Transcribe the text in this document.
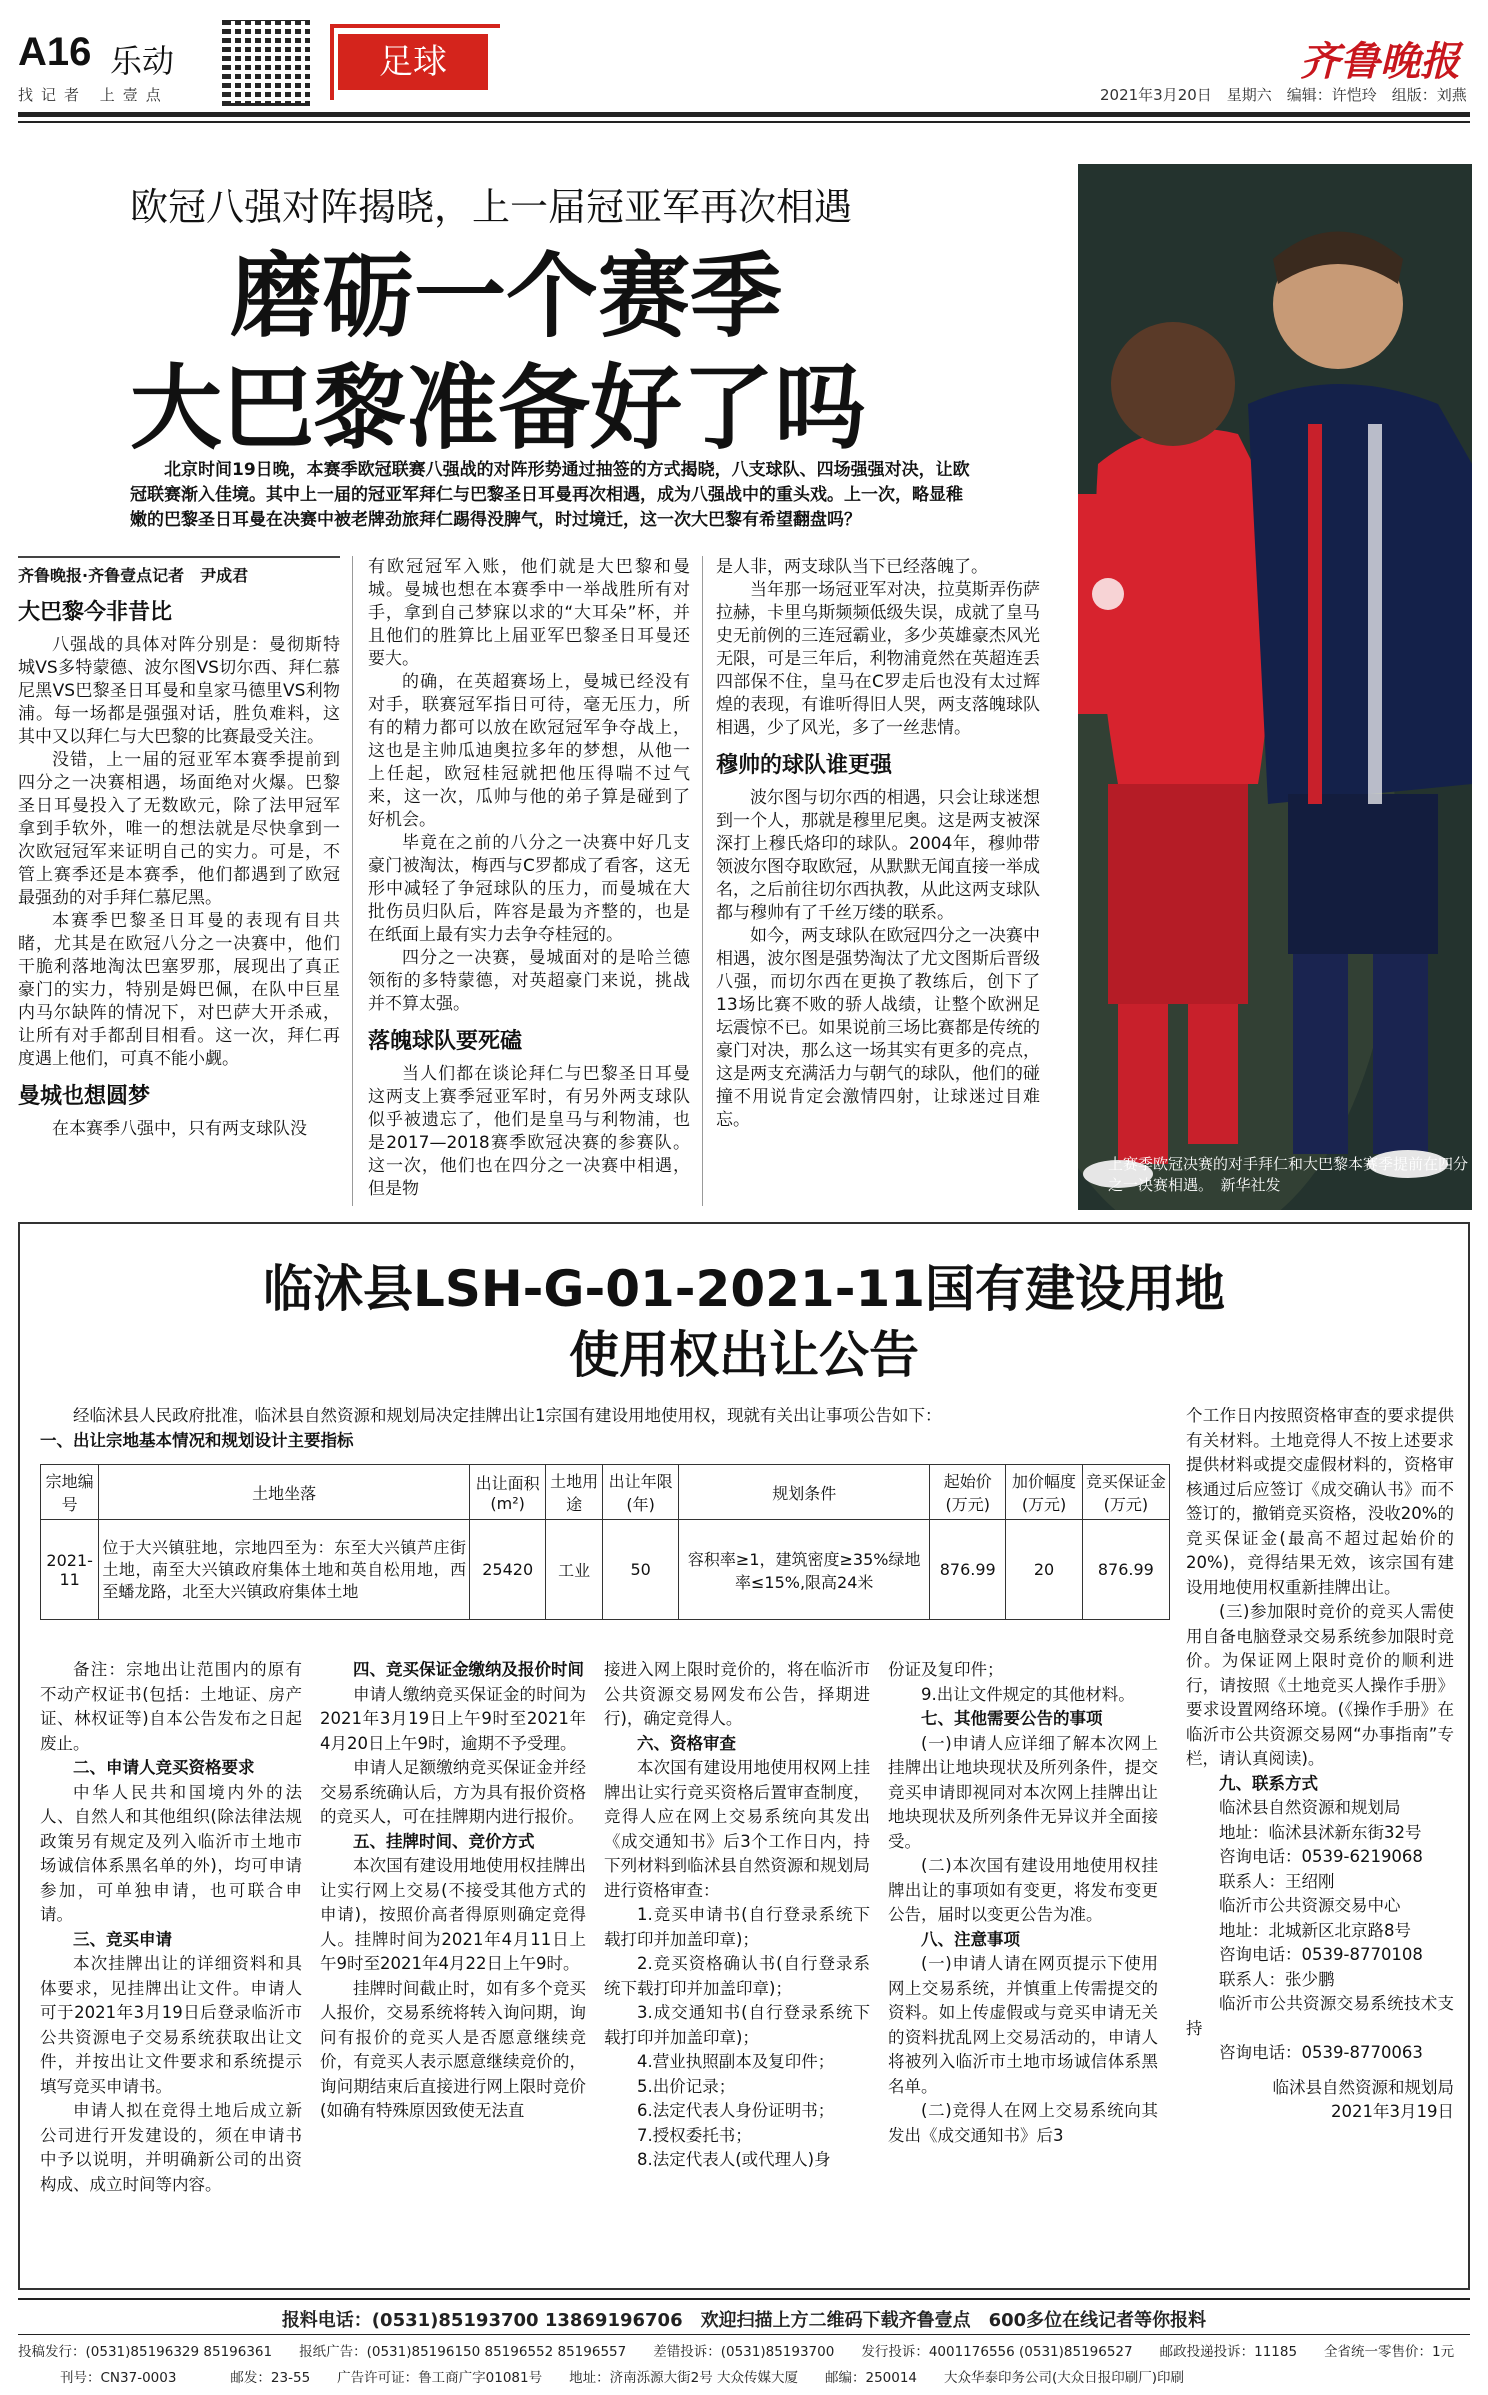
A16 乐动
找记者 上壹点
足球	齐鲁晚报
2021年3月20日　星期六　编辑：许恺玲　组版：刘燕
欧冠八强对阵揭晓，上一届冠亚军再次相遇
磨砺一个赛季
大巴黎准备好了吗
上赛季欧冠决赛的对手拜仁和大巴黎本赛季提前在四分之一决赛相遇。　新华社发
北京时间19日晚，本赛季欧冠联赛八强战的对阵形势通过抽签的方式揭晓，八支球队、四场强强对决，让欧冠联赛渐入佳境。其中上一届的冠亚军拜仁与巴黎圣日耳曼再次相遇，成为八强战中的重头戏。上一次，略显稚嫩的巴黎圣日耳曼在决赛中被老牌劲旅拜仁踢得没脾气，时过境迁，这一次大巴黎有希望翻盘吗？
齐鲁晚报·齐鲁壹点记者　尹成君
大巴黎今非昔比

八强战的具体对阵分别是：曼彻斯特城VS多特蒙德、波尔图VS切尔西、拜仁慕尼黑VS巴黎圣日耳曼和皇家马德里VS利物浦。每一场都是强强对话，胜负难料，这其中又以拜仁与大巴黎的比赛最受关注。

没错，上一届的冠亚军本赛季提前到四分之一决赛相遇，场面绝对火爆。巴黎圣日耳曼投入了无数欧元，除了法甲冠军拿到手软外，唯一的想法就是尽快拿到一次欧冠冠军来证明自己的实力。可是，不管上赛季还是本赛季，他们都遇到了欧冠最强劲的对手拜仁慕尼黑。

本赛季巴黎圣日耳曼的表现有目共睹，尤其是在欧冠八分之一决赛中，他们干脆利落地淘汰巴塞罗那，展现出了真正豪门的实力，特别是姆巴佩，在队中巨星内马尔缺阵的情况下，对巴萨大开杀戒，让所有对手都刮目相看。这一次，拜仁再度遇上他们，可真不能小觑。

曼城也想圆梦

在本赛季八强中，只有两支球队没

有欧冠冠军入账，他们就是大巴黎和曼城。曼城也想在本赛季中一举战胜所有对手，拿到自己梦寐以求的“大耳朵”杯，并且他们的胜算比上届亚军巴黎圣日耳曼还要大。

的确，在英超赛场上，曼城已经没有对手，联赛冠军指日可待，毫无压力，所有的精力都可以放在欧冠冠军争夺战上，这也是主帅瓜迪奥拉多年的梦想，从他一上任起，欧冠桂冠就把他压得喘不过气来，这一次，瓜帅与他的弟子算是碰到了好机会。

毕竟在之前的八分之一决赛中好几支豪门被淘汰，梅西与C罗都成了看客，这无形中减轻了争冠球队的压力，而曼城在大批伤员归队后，阵容是最为齐整的，也是在纸面上最有实力去争夺桂冠的。

四分之一决赛，曼城面对的是哈兰德领衔的多特蒙德，对英超豪门来说，挑战并不算太强。

落魄球队要死磕

当人们都在谈论拜仁与巴黎圣日耳曼这两支上赛季冠亚军时，有另外两支球队似乎被遗忘了，他们是皇马与利物浦，也是2017—2018赛季欧冠决赛的参赛队。这一次，他们也在四分之一决赛中相遇，但是物

是人非，两支球队当下已经落魄了。

当年那一场冠亚军对决，拉莫斯弄伤萨拉赫，卡里乌斯频频低级失误，成就了皇马史无前例的三连冠霸业，多少英雄豪杰风光无限，可是三年后，利物浦竟然在英超连丢四部保不住，皇马在C罗走后也没有太过辉煌的表现，有谁听得旧人哭，两支落魄球队相遇，少了风光，多了一丝悲情。

穆帅的球队谁更强

波尔图与切尔西的相遇，只会让球迷想到一个人，那就是穆里尼奥。这是两支被深深打上穆氏烙印的球队。2004年，穆帅带领波尔图夺取欧冠，从默默无闻直接一举成名，之后前往切尔西执教，从此这两支球队都与穆帅有了千丝万缕的联系。

如今，两支球队在欧冠四分之一决赛中相遇，波尔图是强势淘汰了尤文图斯后晋级八强，而切尔西在更换了教练后，创下了13场比赛不败的骄人战绩，让整个欧洲足坛震惊不已。如果说前三场比赛都是传统的豪门对决，那么这一场其实有更多的亮点，这是两支充满活力与朝气的球队，他们的碰撞不用说肯定会激情四射，让球迷过目难忘。

临沭县LSH-G-01-2021-11国有建设用地
使用权出让公告

经临沭县人民政府批准，临沭县自然资源和规划局决定挂牌出让1宗国有建设用地使用权，现就有关出让事项公告如下：

一、出让宗地基本情况和规划设计主要指标
宗地编号	土地坐落	出让面积(m²)	土地用途	出让年限(年)	规划条件	起始价(万元)	加价幅度(万元)	竞买保证金(万元)
2021-11	位于大兴镇驻地，宗地四至为：东至大兴镇芦庄街土地，南至大兴镇政府集体土地和英自松用地，西至蟠龙路，北至大兴镇政府集体土地	25420	工业	50	容积率≥1，建筑密度≥35%绿地率≤15%,限高24米	876.99	20	876.99

备注：宗地出让范围内的原有不动产权证书(包括：土地证、房产证、林权证等)自本公告发布之日起废止。

二、申请人竞买资格要求

中华人民共和国境内外的法人、自然人和其他组织(除法律法规政策另有规定及列入临沂市土地市场诚信体系黑名单的外)，均可申请参加，可单独申请，也可联合申请。

三、竞买申请

本次挂牌出让的详细资料和具体要求，见挂牌出让文件。申请人可于2021年3月19日后登录临沂市公共资源电子交易系统获取出让文件，并按出让文件要求和系统提示填写竞买申请书。

申请人拟在竞得土地后成立新公司进行开发建设的，须在申请书中予以说明，并明确新公司的出资构成、成立时间等内容。

四、竞买保证金缴纳及报价时间

申请人缴纳竞买保证金的时间为2021年3月19日上午9时至2021年4月20日上午9时，逾期不予受理。

申请人足额缴纳竞买保证金并经交易系统确认后，方为具有报价资格的竞买人，可在挂牌期内进行报价。

五、挂牌时间、竞价方式

本次国有建设用地使用权挂牌出让实行网上交易(不接受其他方式的申请)，按照价高者得原则确定竞得人。挂牌时间为2021年4月11日上午9时至2021年4月22日上午9时。

挂牌时间截止时，如有多个竞买人报价，交易系统将转入询问期，询问有报价的竞买人是否愿意继续竞价，有竞买人表示愿意继续竞价的，询问期结束后直接进行网上限时竞价(如确有特殊原因致使无法直

接进入网上限时竞价的，将在临沂市公共资源交易网发布公告，择期进行)，确定竞得人。

六、资格审查

本次国有建设用地使用权网上挂牌出让实行竞买资格后置审查制度，竞得人应在网上交易系统向其发出《成交通知书》后3个工作日内，持下列材料到临沭县自然资源和规划局进行资格审查：

1.竞买申请书(自行登录系统下载打印并加盖印章)；

2.竞买资格确认书(自行登录系统下载打印并加盖印章)；

3.成交通知书(自行登录系统下载打印并加盖印章)；

4.营业执照副本及复印件；

5.出价记录；

6.法定代表人身份证明书；

7.授权委托书；

8.法定代表人(或代理人)身

份证及复印件；

9.出让文件规定的其他材料。

七、其他需要公告的事项

(一)申请人应详细了解本次网上挂牌出让地块现状及所列条件，提交竞买申请即视同对本次网上挂牌出让地块现状及所列条件无异议并全面接受。

(二)本次国有建设用地使用权挂牌出让的事项如有变更，将发布变更公告，届时以变更公告为准。

八、注意事项

(一)申请人请在网页提示下使用网上交易系统，并慎重上传需提交的资料。如上传虚假或与竞买申请无关的资料扰乱网上交易活动的，申请人将被列入临沂市土地市场诚信体系黑名单。

(二)竞得人在网上交易系统向其发出《成交通知书》后3

个工作日内按照资格审查的要求提供有关材料。土地竞得人不按上述要求提供材料或提交虚假材料的，资格审核通过后应签订《成交确认书》而不签订的，撤销竞买资格，没收20%的竞买保证金(最高不超过起始价的20%)，竞得结果无效，该宗国有建设用地使用权重新挂牌出让。

(三)参加限时竞价的竞买人需使用自备电脑登录交易系统参加限时竞价。为保证网上限时竞价的顺利进行，请按照《土地竞买人操作手册》要求设置网络环境。(《操作手册》在临沂市公共资源交易网“办事指南”专栏，请认真阅读)。

九、联系方式

临沭县自然资源和规划局

地址：临沭县沭新东街32号

咨询电话：0539-6219068

联系人：王绍刚

临沂市公共资源交易中心

地址：北城新区北京路8号

咨询电话：0539-8770108

联系人：张少鹏

临沂市公共资源交易系统技术支持

咨询电话：0539-8770063

临沭县自然资源和规划局

2021年3月19日

报料电话：(0531)85193700 13869196706　欢迎扫描上方二维码下载齐鲁壹点　600多位在线记者等你报料
投稿发行：(0531)85196329 85196361　　报纸广告：(0531)85196150 85196552 85196557　　差错投诉：(0531)85193700　　发行投诉：4001176556 (0531)85196527　　邮政投递投诉：11185　　全省统一零售价：1元
刊号：CN37-0003　　　　邮发：23-55　　广告许可证：鲁工商广字01081号　　地址：济南泺源大街2号 大众传媒大厦　　邮编：250014　　大众华泰印务公司(大众日报印刷厂)印刷
